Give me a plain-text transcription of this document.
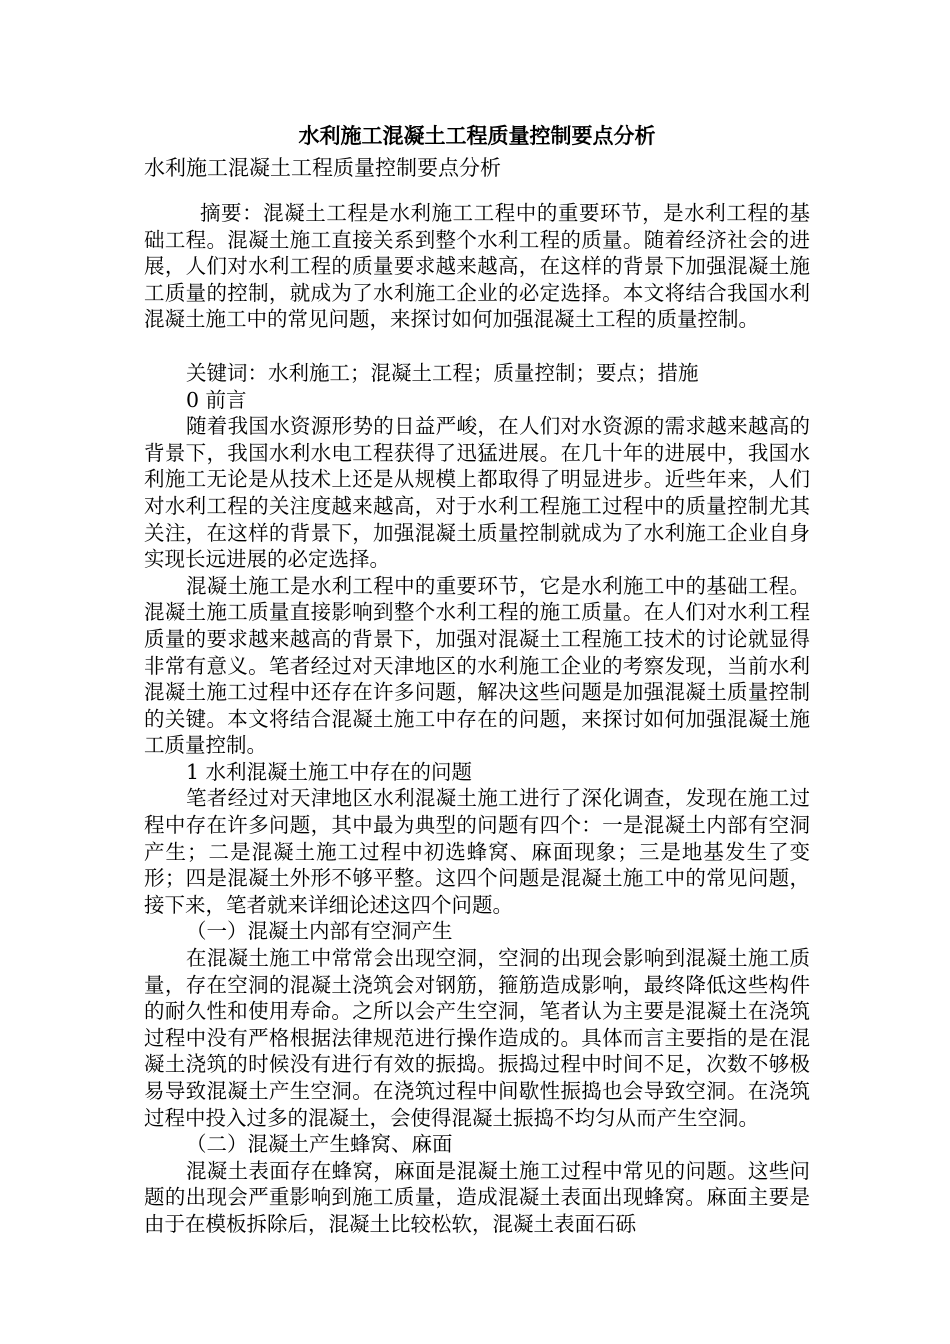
水利施工混凝土工程质量控制要点分析

水利施工混凝土工程质量控制要点分析

摘要：混凝土工程是水利施工工程中的重要环节，是水利工程的基础工程。混凝土施工直接关系到整个水利工程的质量。随着经济社会的进展，人们对水利工程的质量要求越来越高，在这样的背景下加强混凝土施工质量的控制，就成为了水利施工企业的必定选择。本文将结合我国水利混凝土施工中的常见问题，来探讨如何加强混凝土工程的质量控制。

关键词：水利施工；混凝土工程；质量控制；要点；措施

0 前言

随着我国水资源形势的日益严峻，在人们对水资源的需求越来越高的背景下，我国水利水电工程获得了迅猛进展。在几十年的进展中，我国水利施工无论是从技术上还是从规模上都取得了明显进步。近些年来，人们对水利工程的关注度越来越高，对于水利工程施工过程中的质量控制尤其关注，在这样的背景下，加强混凝土质量控制就成为了水利施工企业自身实现长远进展的必定选择。

混凝土施工是水利工程中的重要环节，它是水利施工中的基础工程。混凝土施工质量直接影响到整个水利工程的施工质量。在人们对水利工程质量的要求越来越高的背景下，加强对混凝土工程施工技术的讨论就显得非常有意义。笔者经过对天津地区的水利施工企业的考察发现，当前水利混凝土施工过程中还存在许多问题，解决这些问题是加强混凝土质量控制的关键。本文将结合混凝土施工中存在的问题，来探讨如何加强混凝土施工质量控制。

1 水利混凝土施工中存在的问题

笔者经过对天津地区水利混凝土施工进行了深化调查，发现在施工过程中存在许多问题，其中最为典型的问题有四个：一是混凝土内部有空洞产生；二是混凝土施工过程中初选蜂窝、麻面现象；三是地基发生了变形；四是混凝土外形不够平整。这四个问题是混凝土施工中的常见问题，接下来，笔者就来详细论述这四个问题。

（一）混凝土内部有空洞产生

在混凝土施工中常常会出现空洞，空洞的出现会影响到混凝土施工质量，存在空洞的混凝土浇筑会对钢筋，箍筋造成影响，最终降低这些构件的耐久性和使用寿命。之所以会产生空洞，笔者认为主要是混凝土在浇筑过程中没有严格根据法律规范进行操作造成的。具体而言主要指的是在混凝土浇筑的时候没有进行有效的振捣。振捣过程中时间不足，次数不够极易导致混凝土产生空洞。在浇筑过程中间歇性振捣也会导致空洞。在浇筑过程中投入过多的混凝土，会使得混凝土振捣不均匀从而产生空洞。

（二）混凝土产生蜂窝、麻面

混凝土表面存在蜂窝，麻面是混凝土施工过程中常见的问题。这些问题的出现会严重影响到施工质量，造成混凝土表面出现蜂窝。麻面主要是由于在模板拆除后，混凝土比较松软，混凝土表面石砾
